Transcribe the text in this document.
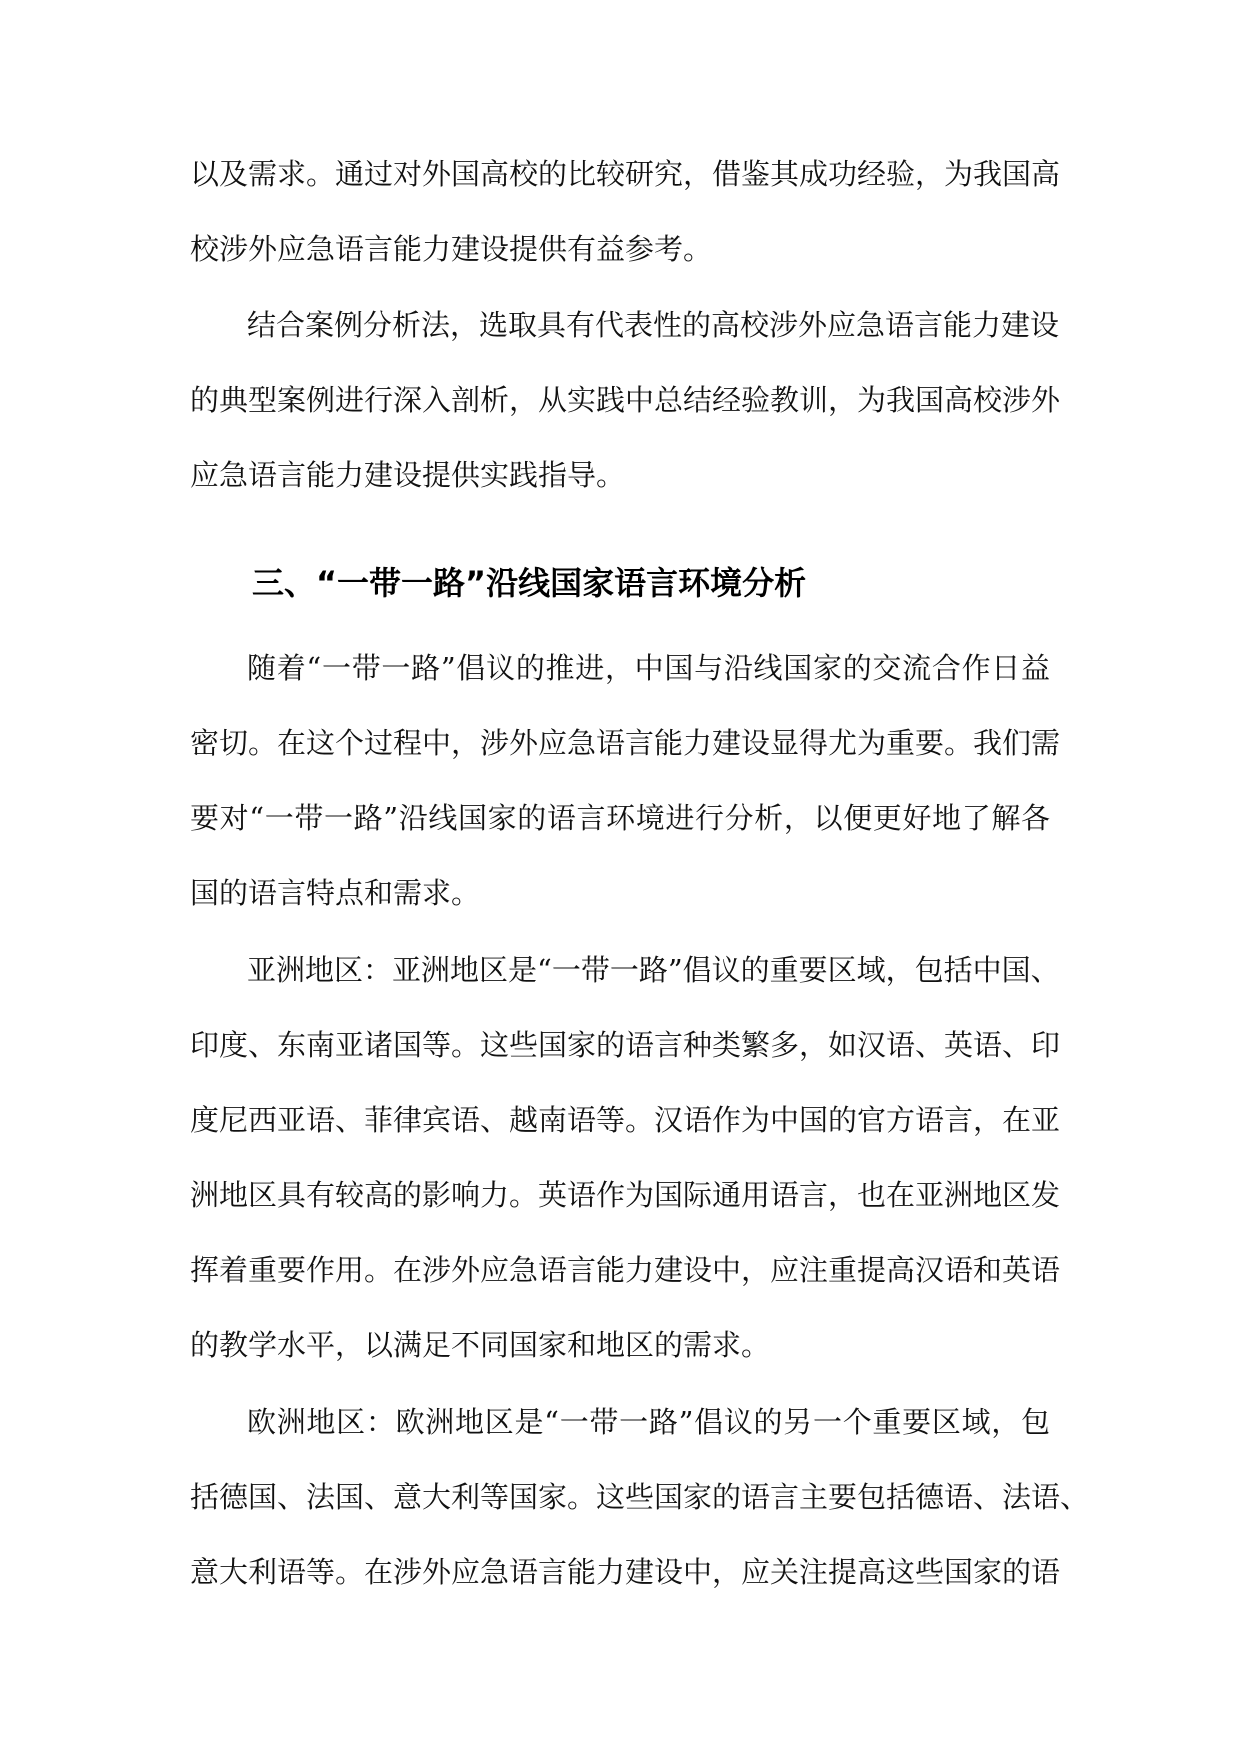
以及需求。通过对外国高校的比较研究，借鉴其成功经验，为我国高
校涉外应急语言能力建设提供有益参考。
结合案例分析法，选取具有代表性的高校涉外应急语言能力建设
的典型案例进行深入剖析，从实践中总结经验教训，为我国高校涉外
应急语言能力建设提供实践指导。
三、“一带一路”沿线国家语言环境分析
随着“一带一路”倡议的推进，中国与沿线国家的交流合作日益
密切。在这个过程中，涉外应急语言能力建设显得尤为重要。我们需
要对“一带一路”沿线国家的语言环境进行分析，以便更好地了解各
国的语言特点和需求。
亚洲地区：亚洲地区是“一带一路”倡议的重要区域，包括中国、
印度、东南亚诸国等。这些国家的语言种类繁多，如汉语、英语、印
度尼西亚语、菲律宾语、越南语等。汉语作为中国的官方语言，在亚
洲地区具有较高的影响力。英语作为国际通用语言，也在亚洲地区发
挥着重要作用。在涉外应急语言能力建设中，应注重提高汉语和英语
的教学水平，以满足不同国家和地区的需求。
欧洲地区：欧洲地区是“一带一路”倡议的另一个重要区域，包
括德国、法国、意大利等国家。这些国家的语言主要包括德语、法语、
意大利语等。在涉外应急语言能力建设中，应关注提高这些国家的语
